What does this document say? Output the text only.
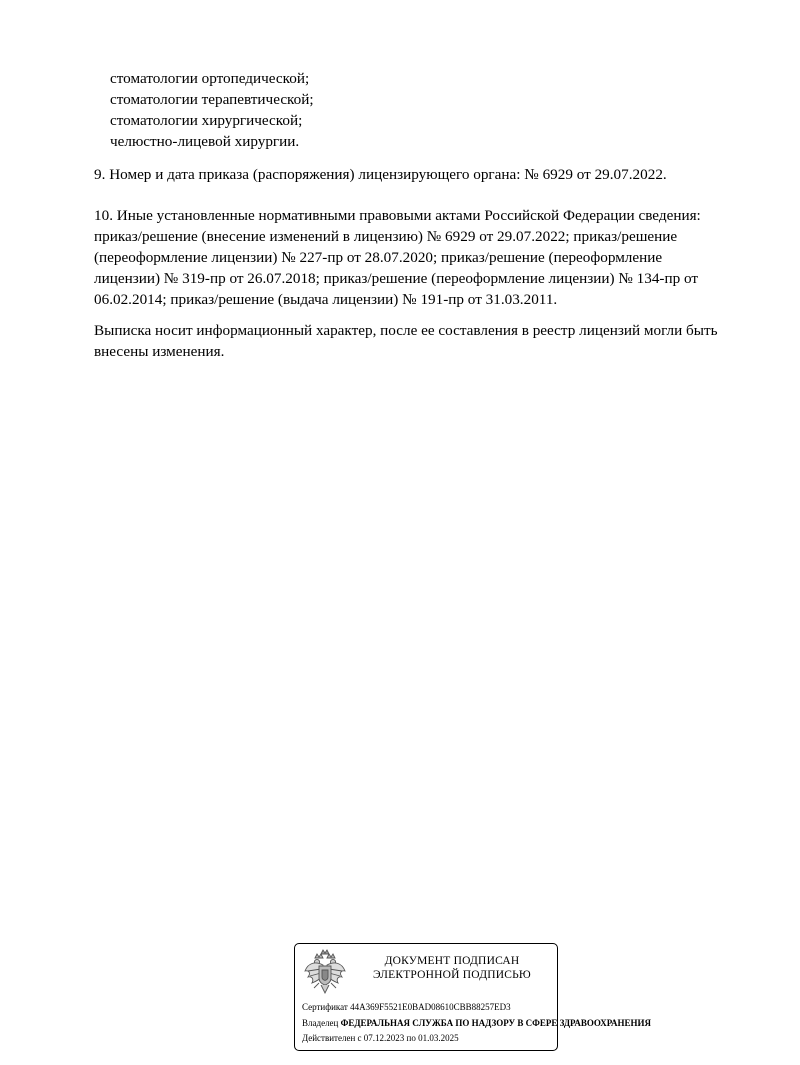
стоматологии ортопедической;
стоматологии терапевтической;
стоматологии хирургической;
челюстно-лицевой хирургии.
9. Номер и дата приказа (распоряжения) лицензирующего органа: № 6929 от 29.07.2022.
10. Иные установленные нормативными правовыми актами Российской Федерации сведения:
приказ/решение (внесение изменений в лицензию) № 6929 от 29.07.2022; приказ/решение
(переоформление лицензии) № 227-пр от 28.07.2020; приказ/решение (переоформление
лицензии) № 319-пр от 26.07.2018; приказ/решение (переоформление лицензии) № 134-пр от
06.02.2014; приказ/решение (выдача лицензии) № 191-пр от 31.03.2011.
Выписка носит информационный характер, после ее составления в реестр лицензий могли быть
внесены изменения.
ДОКУМЕНТ ПОДПИСАН
ЭЛЕКТРОННОЙ ПОДПИСЬЮ
Сертификат 44A369F5521E0BAD08610CBB88257ED3
Владелец ФЕДЕРАЛЬНАЯ СЛУЖБА ПО НАДЗОРУ В СФЕРЕ ЗДРАВООХРАНЕНИЯ
Действителен с 07.12.2023 по 01.03.2025
